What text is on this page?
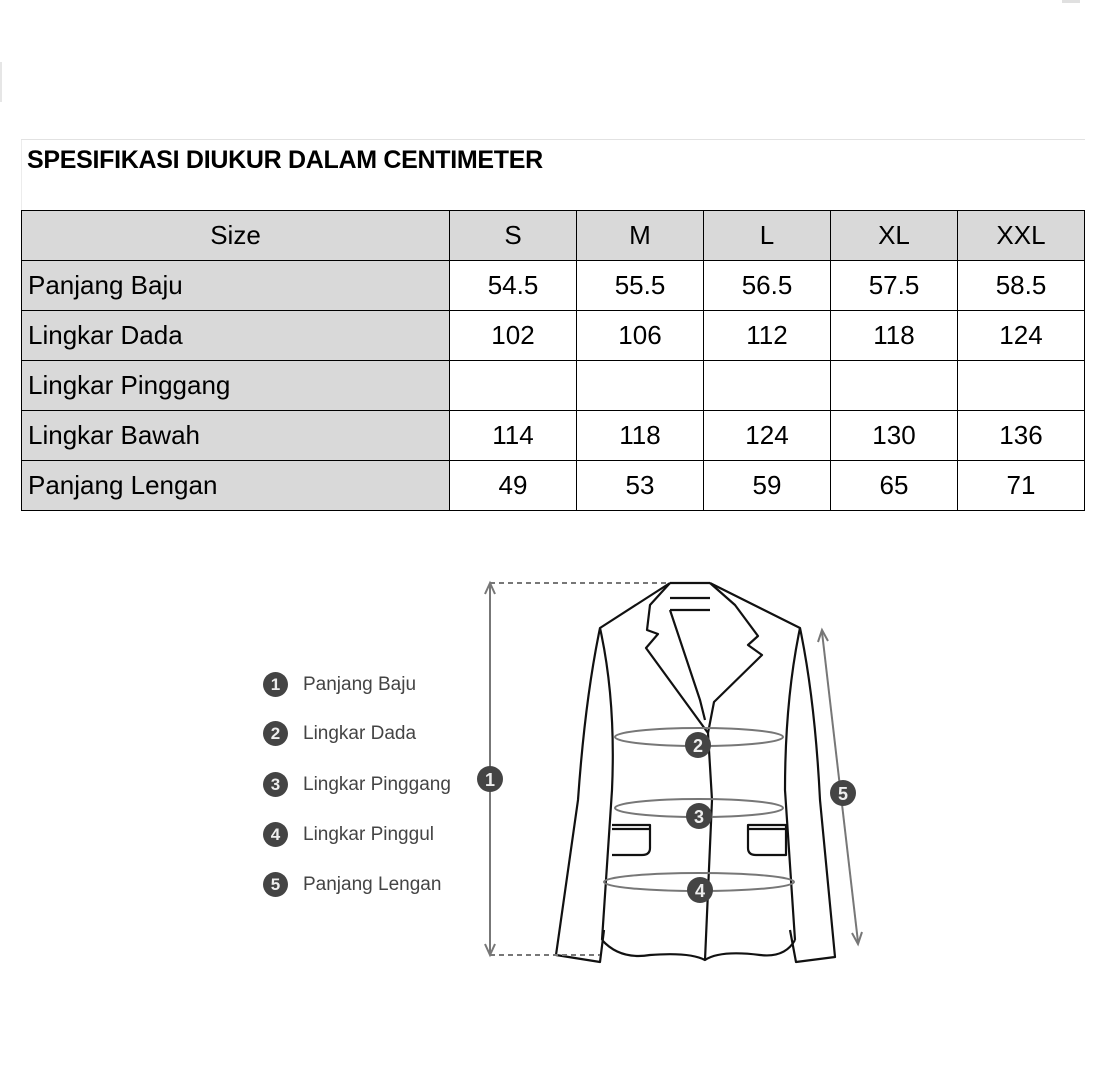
SPESIFIKASI DIUKUR DALAM CENTIMETER
Size	S	M	L	XL	XXL
Panjang Baju	54.5	55.5	56.5	57.5	58.5
Lingkar Dada	102	106	112	118	124
Lingkar Pinggang					
Lingkar Bawah	114	118	124	130	136
Panjang Lengan	49	53	59	65	71
1	Panjang Baju
2	Lingkar Dada
3	Lingkar Pinggang
4	Lingkar Pinggul
5	Panjang Lengan
1
2
3
4
5
